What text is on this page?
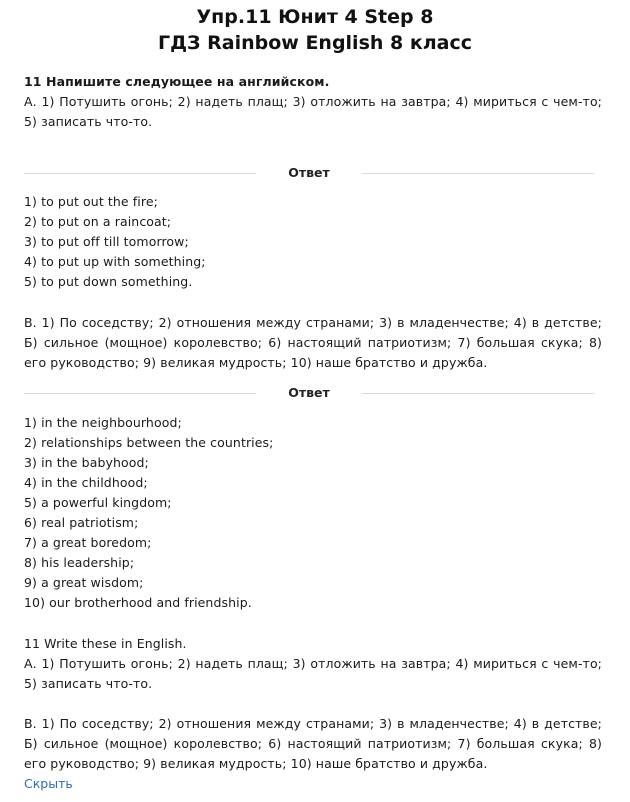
Упр.11 Юнит 4 Step 8
ГДЗ Rainbow English 8 класс

11 Напишите следующее на английском.

А. 1) Потушить огонь; 2) надеть плащ; 3) отложить на завтра; 4) мириться с чем-то; 5) записать что-то.

Ответ
1) to put out the fire;
2) to put on a raincoat;
3) to put off till tomorrow;
4) to put up with something;
5) to put down something.
В. 1) По соседству; 2) отношения между странами; 3) в младенчестве; 4) в детстве; Б) сильное (мощное) королевство; 6) настоящий патриотизм; 7) большая скука; 8) его руководство; 9) великая мудрость; 10) наше братство и дружба.
Ответ
1) in the neighbourhood;
2) relationships between the countries;
3) in the babyhood;
4) in the childhood;
5) a powerful kingdom;
6) real patriotism;
7) a great boredom;
8) his leadership;
9) a great wisdom;
10) our brotherhood and friendship.

11 Write these in English.

А. 1) Потушить огонь; 2) надеть плащ; 3) отложить на завтра; 4) мириться с чем-то; 5) записать что-то.

В. 1) По соседству; 2) отношения между странами; 3) в младенчестве; 4) в детстве; Б) сильное (мощное) королевство; 6) настоящий патриотизм; 7) большая скука; 8) его руководство; 9) великая мудрость; 10) наше братство и дружба.
Скрыть
